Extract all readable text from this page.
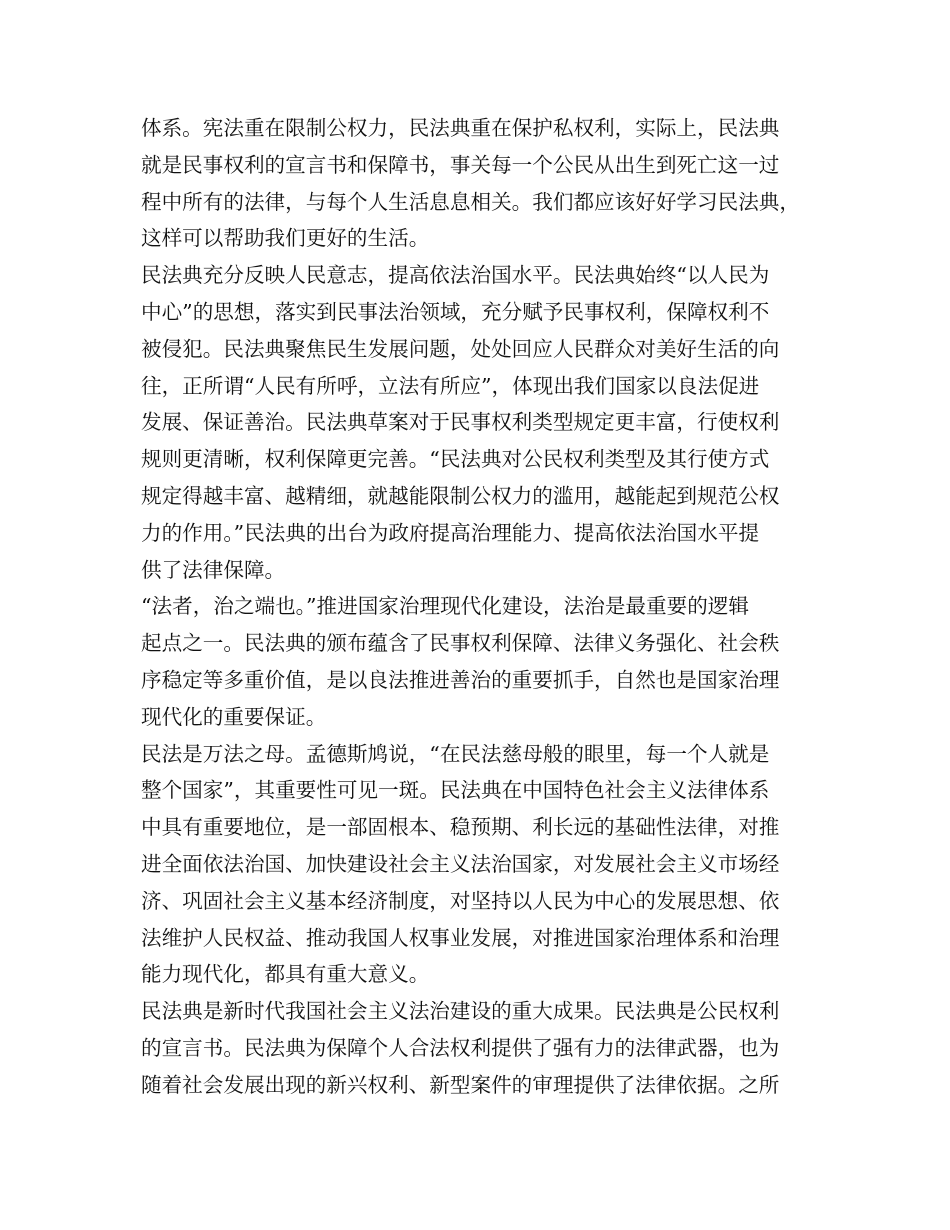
体系。宪法重在限制公权力，民法典重在保护私权利，实际上，民法典
就是民事权利的宣言书和保障书，事关每一个公民从出生到死亡这一过
程中所有的法律，与每个人生活息息相关。我们都应该好好学习民法典，
这样可以帮助我们更好的生活。
民法典充分反映人民意志，提高依法治国水平。民法典始终“以人民为
中心”的思想，落实到民事法治领域，充分赋予民事权利，保障权利不
被侵犯。民法典聚焦民生发展问题，处处回应人民群众对美好生活的向
往，正所谓“人民有所呼，立法有所应”，体现出我们国家以良法促进
发展、保证善治。民法典草案对于民事权利类型规定更丰富，行使权利
规则更清晰，权利保障更完善。“民法典对公民权利类型及其行使方式
规定得越丰富、越精细，就越能限制公权力的滥用，越能起到规范公权
力的作用。”民法典的出台为政府提高治理能力、提高依法治国水平提
供了法律保障。
“法者，治之端也。”推进国家治理现代化建设，法治是最重要的逻辑
起点之一。民法典的颁布蕴含了民事权利保障、法律义务强化、社会秩
序稳定等多重价值，是以良法推进善治的重要抓手，自然也是国家治理
现代化的重要保证。
民法是万法之母。孟德斯鸠说，“在民法慈母般的眼里，每一个人就是
整个国家”，其重要性可见一斑。民法典在中国特色社会主义法律体系
中具有重要地位，是一部固根本、稳预期、利长远的基础性法律，对推
进全面依法治国、加快建设社会主义法治国家，对发展社会主义市场经
济、巩固社会主义基本经济制度，对坚持以人民为中心的发展思想、依
法维护人民权益、推动我国人权事业发展，对推进国家治理体系和治理
能力现代化，都具有重大意义。
民法典是新时代我国社会主义法治建设的重大成果。民法典是公民权利
的宣言书。民法典为保障个人合法权利提供了强有力的法律武器，也为
随着社会发展出现的新兴权利、新型案件的审理提供了法律依据。之所
